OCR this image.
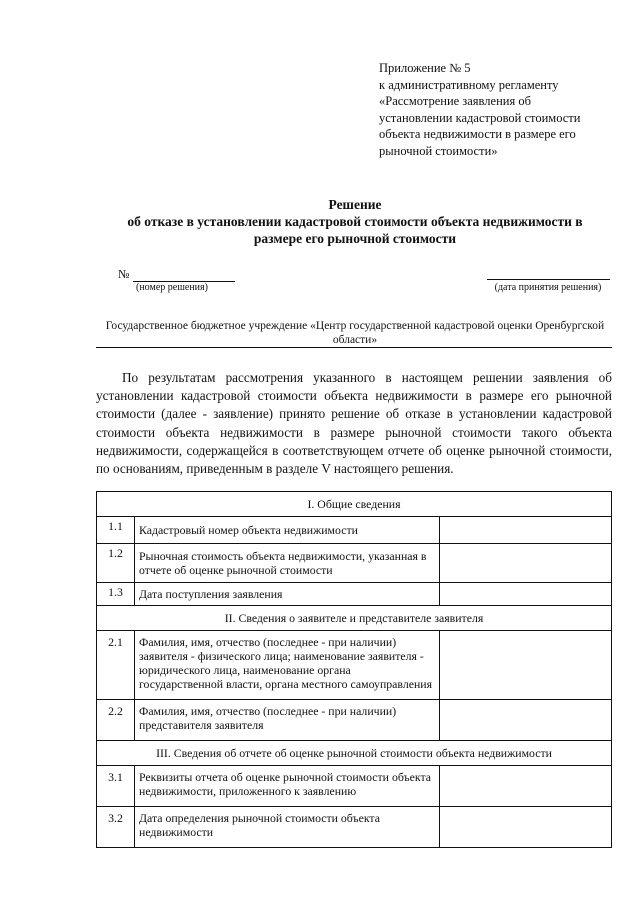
Приложение № 5
к административному регламенту
«Рассмотрение заявления об
установлении кадастровой стоимости
объекта недвижимости в размере его
рыночной стоимости»
Решение
об отказе в установлении кадастровой стоимости объекта недвижимости в
размере его рыночной стоимости
№
(номер решения)	(дата принятия решения)
Государственное бюджетное учреждение «Центр государственной кадастровой оценки Оренбургской
области»

По результатам рассмотрения указанного в настоящем решении заявления об установлении кадастровой стоимости объекта недвижимости в размере его рыночной стоимости (далее - заявление) принято решение об отказе в установлении кадастровой стоимости объекта недвижимости в размере рыночной стоимости такого объекта недвижимости, содержащейся в соответствующем отчете об оценке рыночной стоимости, по основаниям, приведенным в разделе V настоящего решения.

I. Общие сведения		
1.1	Кадастровый номер объекта недвижимости	
1.2	Рыночная стоимость объекта недвижимости, указанная в отчете об оценке рыночной стоимости	
1.3	Дата поступления заявления	
II. Сведения о заявителе и представителе заявителя		
2.1	Фамилия, имя, отчество (последнее - при наличии) заявителя - физического лица; наименование заявителя - юридического лица, наименование органа государственной власти, органа местного самоуправления	
2.2	Фамилия, имя, отчество (последнее - при наличии) представителя заявителя	
III. Сведения об отчете об оценке рыночной стоимости объекта недвижимости		
3.1	Реквизиты отчета об оценке рыночной стоимости объекта недвижимости, приложенного к заявлению	
3.2	Дата определения рыночной стоимости объекта недвижимости	
